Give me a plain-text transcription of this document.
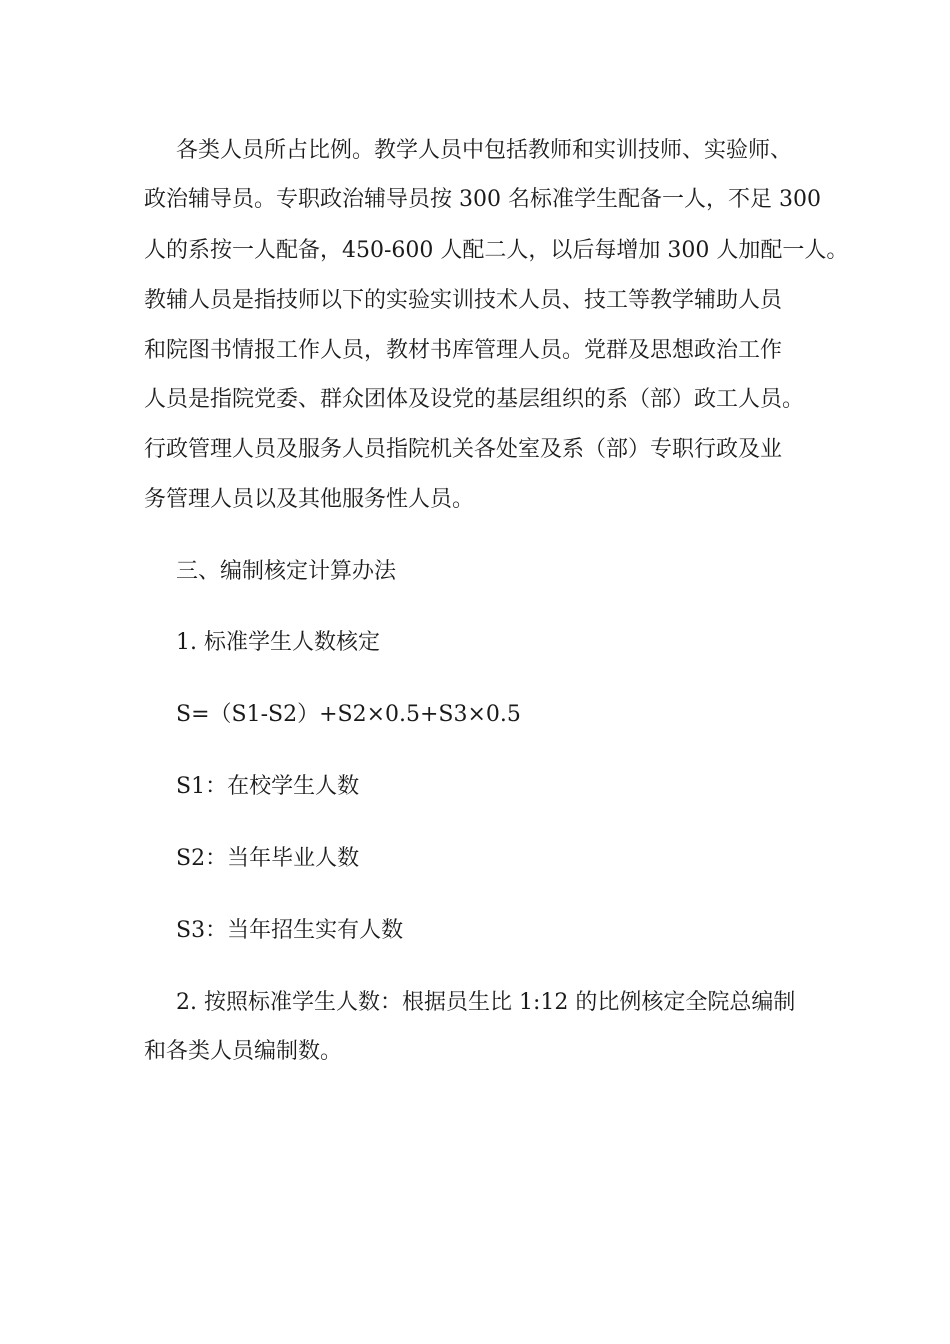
各类人员所占比例。教学人员中包括教师和实训技师、实验师、
政治辅导员。专职政治辅导员按 300 名标准学生配备一人，不足 300
人的系按一人配备，450-600 人配二人，以后每增加 300 人加配一人。
教辅人员是指技师以下的实验实训技术人员、技工等教学辅助人员
和院图书情报工作人员，教材书库管理人员。党群及思想政治工作
人员是指院党委、群众团体及设党的基层组织的系（部）政工人员。
行政管理人员及服务人员指院机关各处室及系（部）专职行政及业
务管理人员以及其他服务性人员。
三、编制核定计算办法
1. 标准学生人数核定
S=（S1-S2）+S2×0.5+S3×0.5
S1：在校学生人数
S2：当年毕业人数
S3：当年招生实有人数
2. 按照标准学生人数：根据员生比 1:12 的比例核定全院总编制
和各类人员编制数。
